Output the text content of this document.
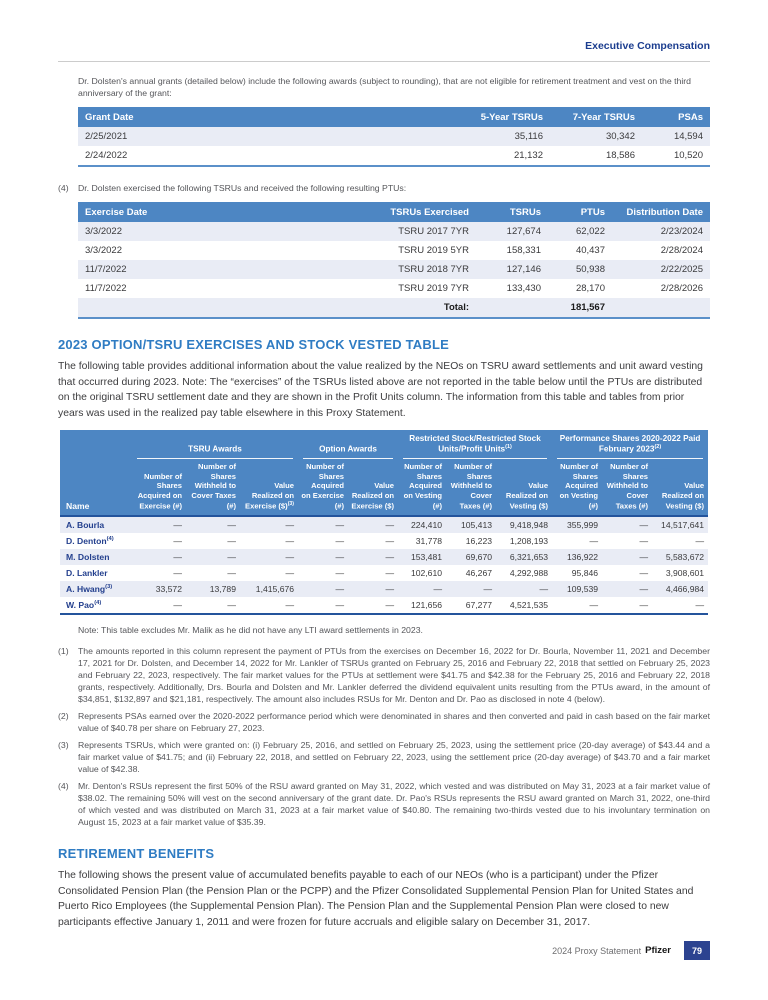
Executive Compensation

Dr. Dolsten's annual grants (detailed below) include the following awards (subject to rounding), that are not eligible for retirement treatment and vest on the third anniversary of the grant:

Grant Date	5-Year TSRUs	7-Year TSRUs	PSAs
2/25/2021	35,116	30,342	14,594
2/24/2022	21,132	18,586	10,520
(4)	Dr. Dolsten exercised the following TSRUs and received the following resulting PTUs:
Exercise Date	TSRUs Exercised	TSRUs	PTUs	Distribution Date
3/3/2022	TSRU 2017 7YR	127,674	62,022	2/23/2024
3/3/2022	TSRU 2019 5YR	158,331	40,437	2/28/2024
11/7/2022	TSRU 2018 7YR	127,146	50,938	2/22/2025
11/7/2022	TSRU 2019 7YR	133,430	28,170	2/28/2026
	Total:		181,567	
2023 OPTION/TSRU EXERCISES AND STOCK VESTED TABLE

The following table provides additional information about the value realized by the NEOs on TSRU award settlements and unit award vesting that occurred during 2023. Note: The “exercises” of the TSRUs listed above are not reported in the table below until the PTUs are distributed on the original TSRU settlement date and they are shown in the Profit Units column. The information from this table and tables from prior years was used in the realized pay table elsewhere in this Proxy Statement.

Name	TSRU Awards			Option Awards		Restricted Stock/Restricted Stock Units/Profit Units$^{(1)}$			Performance Shares 2020-2022 Paid February 2023$^{(2)}$

	Number of Shares Acquired on Exercise (#)	Number of Shares Withheld to Cover Taxes (#)	Value Realized on Exercise ($)$^{(3)}$	Number of Shares Acquired on Exercise (#)	Value Realized on Exercise ($)	Number of Shares Acquired on Vesting (#)	Number of Shares Withheld to Cover Taxes (#)	Value Realized on Vesting ($)	Number of Shares Acquired on Vesting (#)	Number of Shares Withheld to Cover Taxes (#)	Value Realized on Vesting ($)
A. Bourla	—	—	—	—	—	224,410	105,413	9,418,948	355,999	—	14,517,641
D. Denton$^{(4)}$	—	—	—	—	—	31,778	16,223	1,208,193	—	—	—
M. Dolsten	—	—	—	—	—	153,481	69,670	6,321,653	136,922	—	5,583,672
D. Lankler	—	—	—	—	—	102,610	46,267	4,292,988	95,846	—	3,908,601
A. Hwang$^{(3)}$	33,572	13,789	1,415,676	—	—	—	—	—	109,539	—	4,466,984
W. Pao$^{(4)}$	—	—	—	—	—	121,656	67,277	4,521,535	—	—	—

Note: This table excludes Mr. Malik as he did not have any LTI award settlements in 2023.

(1)	The amounts reported in this column represent the payment of PTUs from the exercises on December 16, 2022 for Dr. Bourla, November 11, 2021 and December 17, 2021 for Dr. Dolsten, and December 14, 2022 for Mr. Lankler of TSRUs granted on February 25, 2016 and February 22, 2018 that settled on February 25, 2023 and February 22, 2023, respectively. The fair market values for the PTUs at settlement were $41.75 and $42.38 for the February 25, 2016 and February 22, 2018 grants, respectively. Additionally, Drs. Bourla and Dolsten and Mr. Lankler deferred the dividend equivalent units resulting from the PTUs award, in the amount of $34,851, $132,897 and $21,181, respectively. The amount also includes RSUs for Mr. Denton and Dr. Pao as disclosed in note 4 (below).
(2)	Represents PSAs earned over the 2020-2022 performance period which were denominated in shares and then converted and paid in cash based on the fair market value of $40.78 per share on February 27, 2023.
(3)	Represents TSRUs, which were granted on: (i) February 25, 2016, and settled on February 25, 2023, using the settlement price (20-day average) of $43.44 and a fair market value of $41.75; and (ii) February 22, 2018, and settled on February 22, 2023, using the settlement price (20-day average) of $43.70 and a fair market value of $42.38.
(4)	Mr. Denton's RSUs represent the first 50% of the RSU award granted on May 31, 2022, which vested and was distributed on May 31, 2023 at a fair market value of $38.02. The remaining 50% will vest on the second anniversary of the grant date. Dr. Pao's RSUs represents the RSU award granted on March 31, 2022, one-third of which vested and was distributed on March 31, 2023 at a fair market value of $40.80. The remaining two-thirds vested due to his involuntary termination on August 15, 2023 at a fair market value of $35.39.
RETIREMENT BENEFITS

The following shows the present value of accumulated benefits payable to each of our NEOs (who is a participant) under the Pfizer Consolidated Pension Plan (the Pension Plan or the PCPP) and the Pfizer Consolidated Supplemental Pension Plan for United States and Puerto Rico Employees (the Supplemental Pension Plan). The Pension Plan and the Supplemental Pension Plan were closed to new participants effective January 1, 2011 and were frozen for future accruals and eligible salary on December 31, 2017.

2024 Proxy Statement Pfizer	79
